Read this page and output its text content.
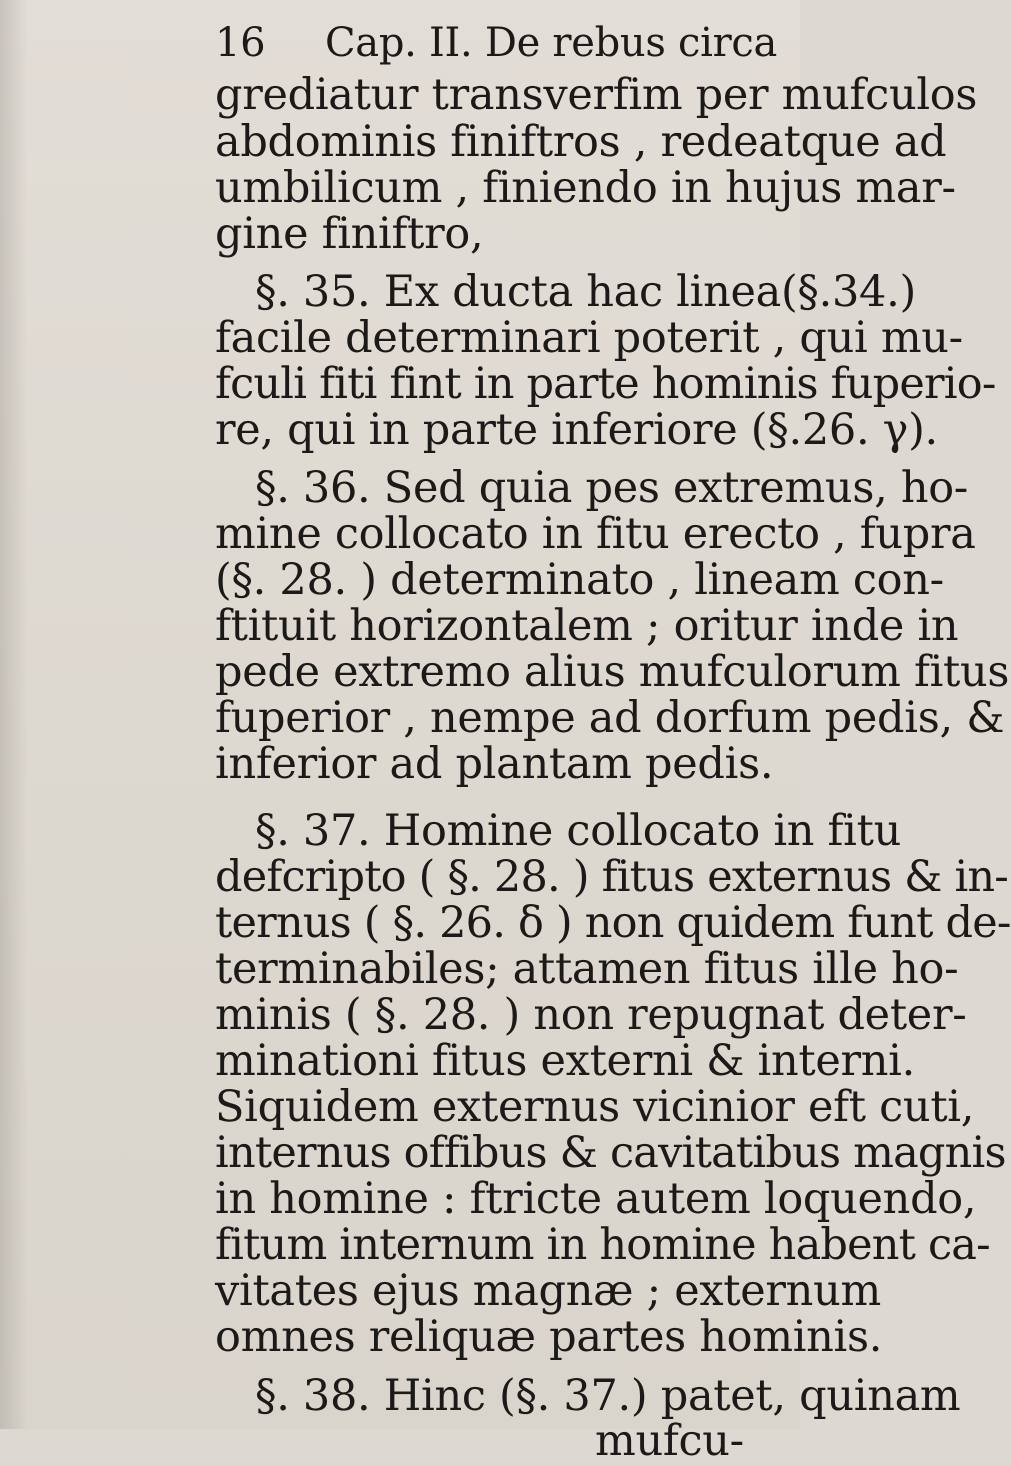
16 Cap. II. De rebus circa
grediatur transverfim per mufculos
abdominis finiftros , redeatque ad
umbilicum , finiendo in hujus mar-
gine finiftro,
§. 35. Ex ducta hac linea(§.34.)
facile determinari poterit , qui mu-
fculi fiti fint in parte hominis fuperio-
re, qui in parte inferiore (§.26. γ).
§. 36. Sed quia pes extremus, ho-
mine collocato in fitu erecto , fupra
(§. 28. ) determinato , lineam con-
ftituit horizontalem ; oritur inde in
pede extremo alius mufculorum fitus
fuperior , nempe ad dorfum pedis, &
inferior ad plantam pedis.
§. 37. Homine collocato in fitu
defcripto ( §. 28. ) fitus externus & in-
ternus ( §. 26. δ ) non quidem funt de-
terminabiles; attamen fitus ille ho-
minis ( §. 28. ) non repugnat deter-
minationi fitus externi & interni.
Siquidem externus vicinior eft cuti,
internus offibus & cavitatibus magnis
in homine : ftricte autem loquendo,
fitum internum in homine habent ca-
vitates ejus magnæ ; externum
omnes reliquæ partes hominis.
§. 38. Hinc (§. 37.) patet, quinam
mufcu-
